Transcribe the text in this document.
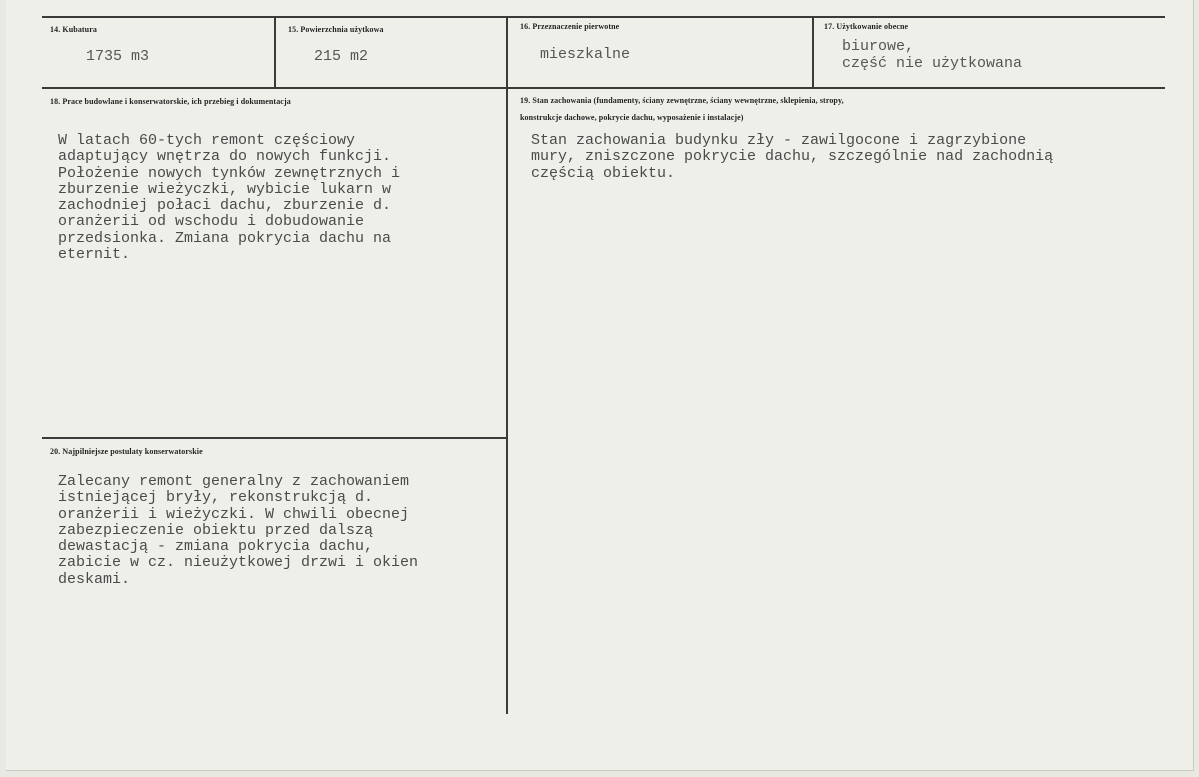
14. Kubatura
1735 m3
15. Powierzchnia użytkowa
215 m2
16. Przeznaczenie pierwotne
mieszkalne
17. Użytkowanie obecne
biurowe,
część nie użytkowana
18. Prace budowlane i konserwatorskie, ich przebieg i dokumentacja
W latach 60-tych remont częściowy
adaptujący wnętrza do nowych funkcji.
Położenie nowych tynków zewnętrznych i
zburzenie wieżyczki, wybicie lukarn w
zachodniej połaci dachu, zburzenie d.
oranżerii od wschodu i dobudowanie
przedsionka. Zmiana pokrycia dachu na
eternit.
19. Stan zachowania (fundamenty, ściany zewnętrzne, ściany wewnętrzne, sklepienia, stropy,
konstrukcje dachowe, pokrycie dachu, wyposażenie i instalacje)
Stan zachowania budynku zły - zawilgocone i zagrzybione
mury, zniszczone pokrycie dachu, szczególnie nad zachodnią
częścią obiektu.
20. Najpilniejsze postulaty konserwatorskie
Zalecany remont generalny z zachowaniem
istniejącej bryły, rekonstrukcją d.
oranżerii i wieżyczki. W chwili obecnej
zabezpieczenie obiektu przed dalszą
dewastacją - zmiana pokrycia dachu,
zabicie w cz. nieużytkowej drzwi i okien
deskami.
